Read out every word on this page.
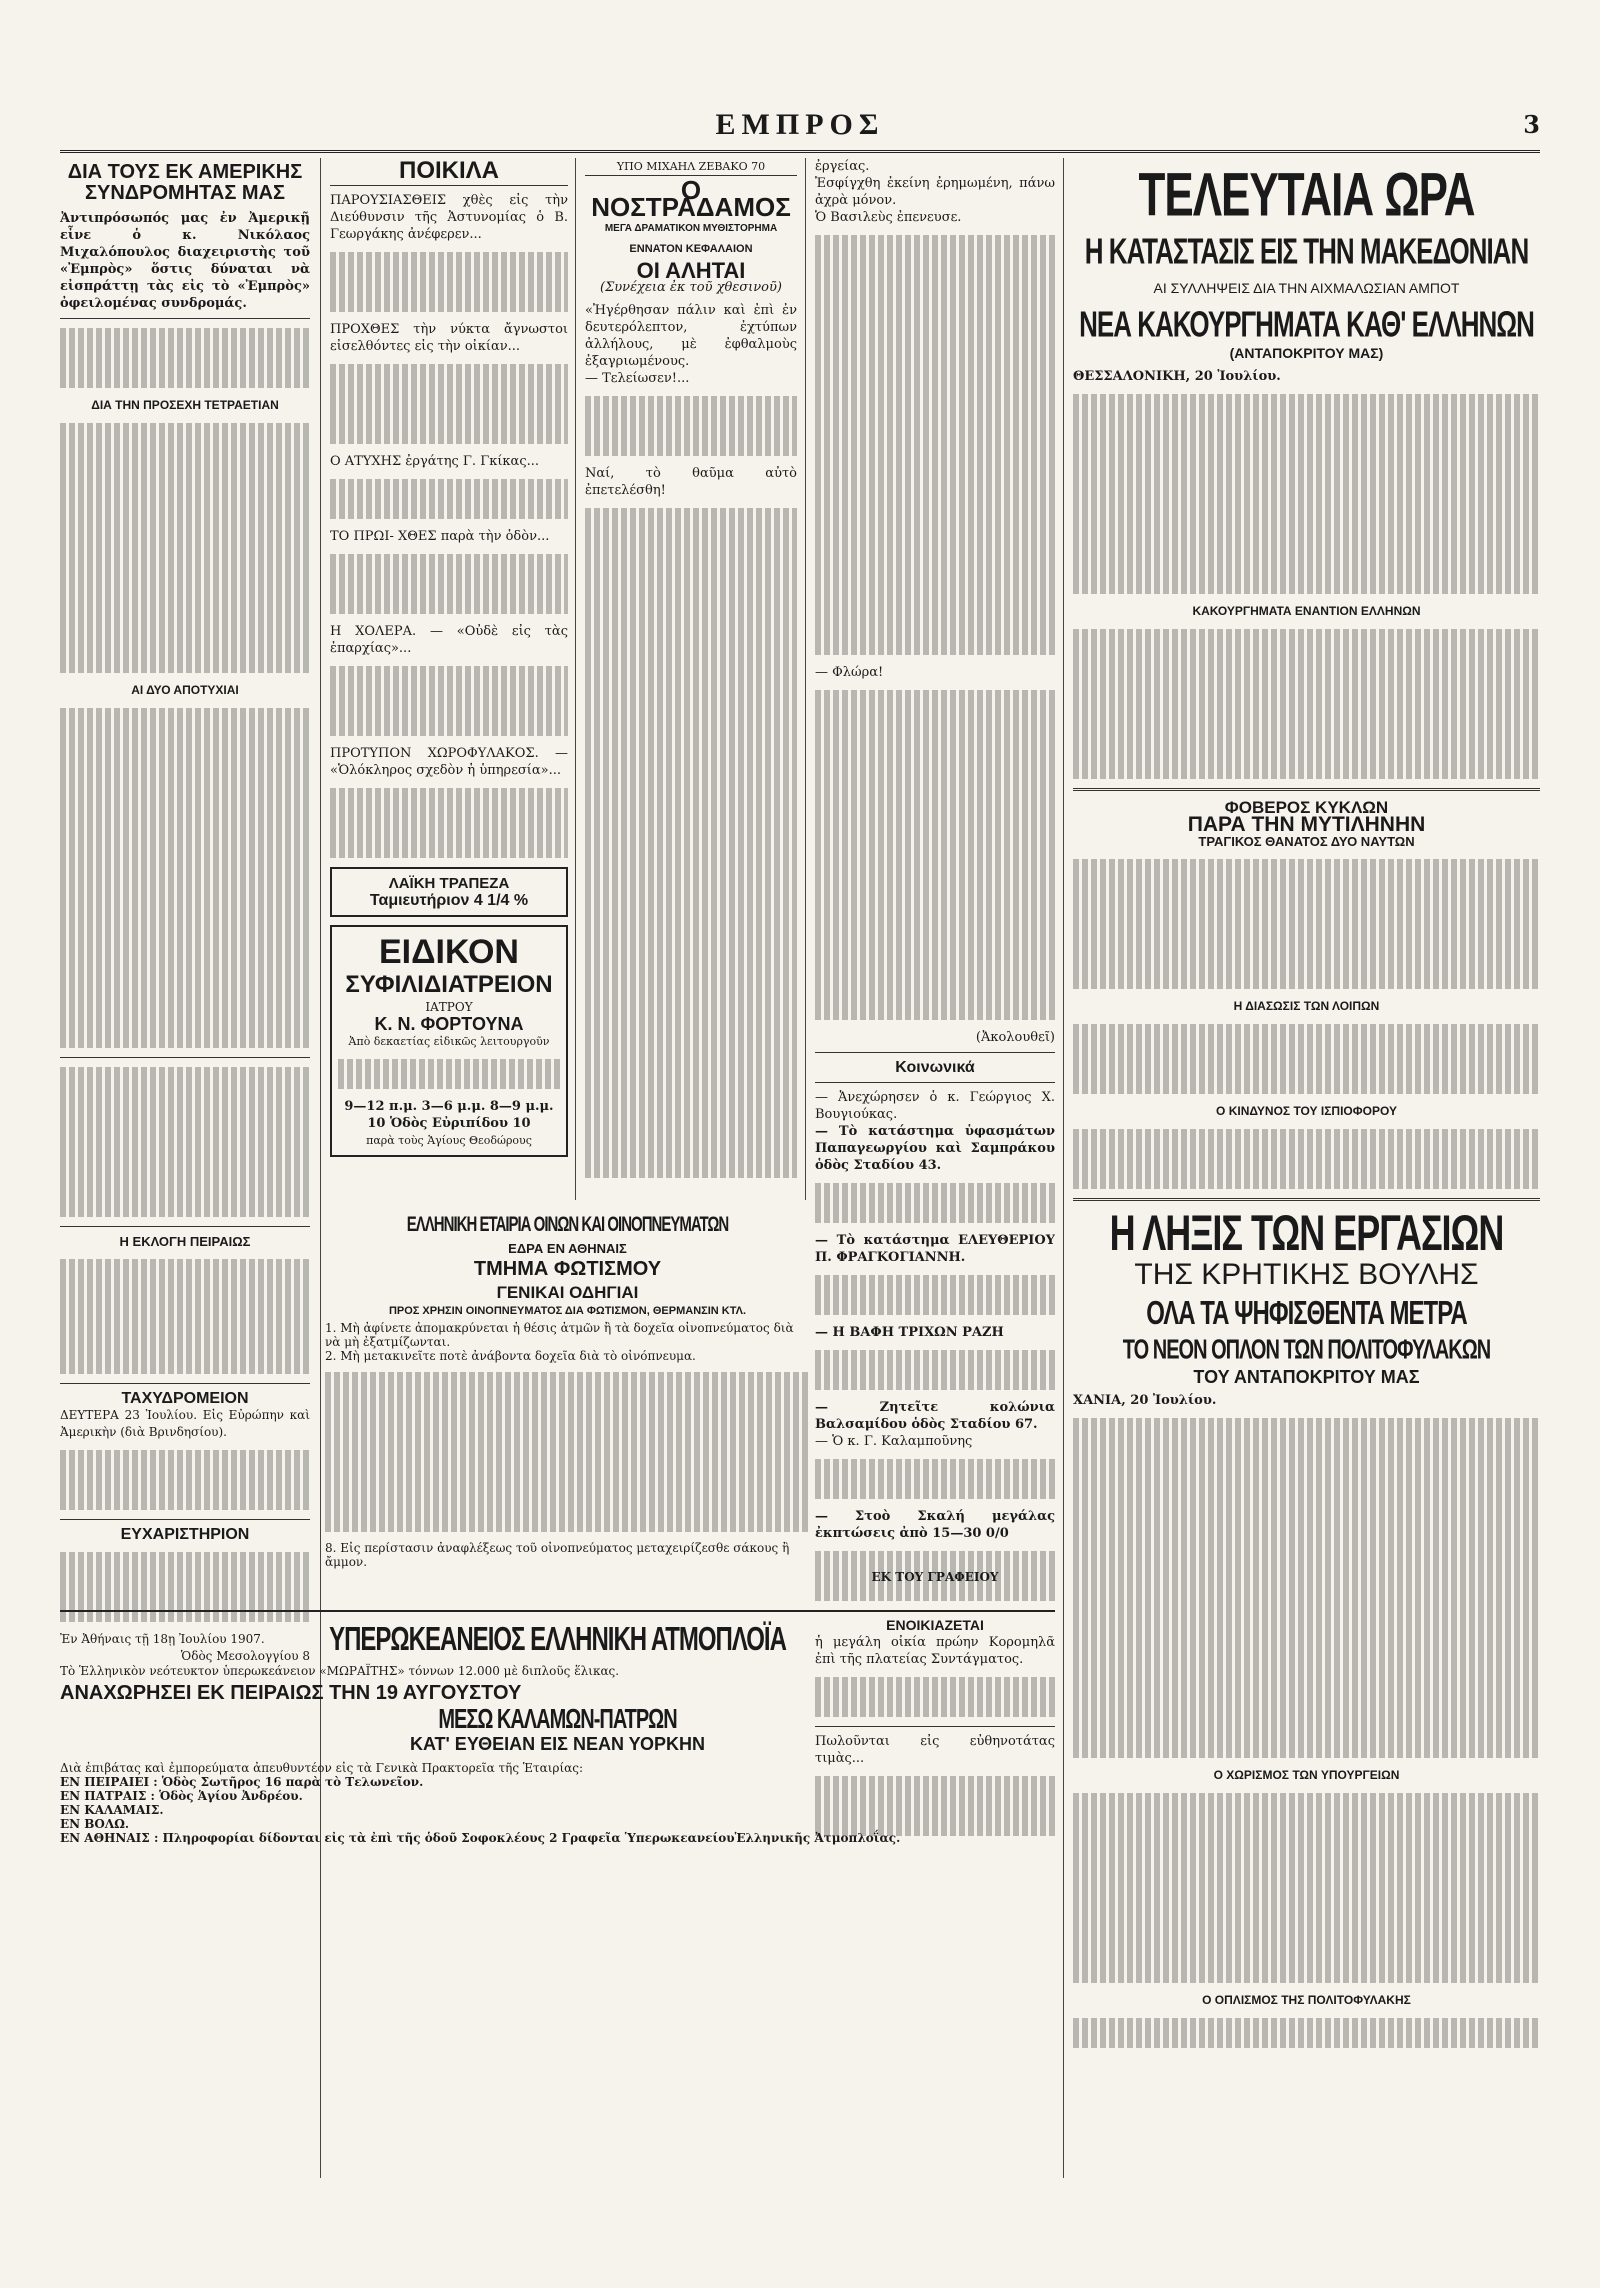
ΕΜΠΡΟΣ	3
ΔΙΑ ΤΟΥΣ ΕΚ ΑΜΕΡΙΚΗΣ
ΣΥΝΔΡΟΜΗΤΑΣ ΜΑΣ
Ἀντιπρόσωπός μας ἐν Ἀμερικῇ εἶνε ὁ κ. Νικόλαος Μιχαλόπουλος διαχειριστὴς τοῦ «Ἐμπρὸς» ὅστις δύναται νὰ εἰσπράττῃ τὰς εἰς τὸ «Ἐμπρὸς» ὀφειλομένας συνδρομάς.
ΔΙΑ ΤΗΝ ΠΡΟΣΕΧΗ ΤΕΤΡΑΕΤΙΑΝ
ΑΙ ΔΥΟ ΑΠΟΤΥΧΙΑΙ
Η ΕΚΛΟΓΗ ΠΕΙΡΑΙΩΣ
ΤΑΧΥΔΡΟΜΕΙΟΝ
ΔΕΥΤΕΡΑ 23 Ἰουλίου. Εἰς Εὐρώπην καὶ Ἀμερικὴν (διὰ Βρινδησίου).
ΕΥΧΑΡΙΣΤΗΡΙΟΝ
Ἐν Ἀθήναις τῇ 18ῃ Ἰουλίου 1907.
Ὁδὸς Μεσολογγίου 8
ΠΟΙΚΙΛΑ
ΠΑΡΟΥΣΙΑΣΘΕΙΣ χθὲς εἰς τὴν Διεύθυνσιν τῆς Ἀστυνομίας ὁ Β. Γεωργάκης ἀνέφερεν...
ΠΡΟΧΘΕΣ τὴν νύκτα ἄγνωστοι εἰσελθόντες εἰς τὴν οἰκίαν...
Ο ΑΤΥΧΗΣ ἐργάτης Γ. Γκίκας...
ΤΟ ΠΡΩΙ- ΧΘΕΣ παρὰ τὴν ὁδὸν...
Η ΧΟΛΕΡΑ. — «Οὐδὲ εἰς τὰς ἐπαρχίας»...
ΠΡΟΤΥΠΟΝ ΧΩΡΟΦΥΛΑΚΟΣ. — «Ὁλόκληρος σχεδὸν ἡ ὑπηρεσία»...
ΛΑΪΚΗ ΤΡΑΠΕΖΑ
Ταμιευτήριον 4 1/4 %
ΕΙΔΙΚΟΝ
ΣΥΦΙΛΙΔΙΑΤΡΕΙΟΝ
ΙΑΤΡΟΥ
Κ. Ν. ΦΟΡΤΟΥΝΑ
Ἀπὸ δεκαετίας εἰδικῶς λειτουργοῦν
9—12 π.μ. 3—6 μ.μ. 8—9 μ.μ.
10 Ὁδὸς Εὐριπίδου 10
παρὰ τοὺς Ἁγίους Θεοδώρους
ΥΠΟ ΜΙΧΑΗΛ ΖΕΒΑΚΟ 70
Ο ΝΟΣΤΡΑΔΑΜΟΣ
ΜΕΓΑ ΔΡΑΜΑΤΙΚΟΝ ΜΥΘΙΣΤΟΡΗΜΑ
ΕΝΝΑΤΟΝ ΚΕΦΑΛΑΙΟΝ
ΟΙ ΑΛΗΤΑΙ
(Συνέχεια ἐκ τοῦ χθεσινοῦ)
«Ἠγέρθησαν πάλιν καὶ ἐπὶ ἐν δευτερόλεπτον, ἐχτύπων ἀλλήλους, μὲ ἐφθαλμοὺς ἐξαγριωμένους.
— Τελείωσεν!...
Ναί, τὸ θαῦμα αὐτὸ ἐπετελέσθη!
ἐργείας.
Ἐσφίγχθη ἐκείνη ἐρημωμένη, πάνω ἀχρὰ μόνον.
Ὁ Βασιλεὺς ἐπενευσε.
— Φλώρα!
(Ἀκολουθεῖ)
Κοινωνικά
— Ἀνεχώρησεν ὁ κ. Γεώργιος Χ. Βουγιούκας.
— Τὸ κατάστημα ὑφασμάτων Παπαγεωργίου καὶ Σαμπράκου ὁδὸς Σταδίου 43.
— Τὸ κατάστημα ΕΛΕΥΘΕΡΙΟΥ Π. ΦΡΑΓΚΟΓΙΑΝΝΗ.
— Η ΒΑΦΗ ΤΡΙΧΩΝ ΡΑΖΗ
— Ζητεῖτε κολώνια Βαλσαμίδου ὁδὸς Σταδίου 67.
— Ὁ κ. Γ. Καλαμποῦνης
— Στοὸ Σκαλή μεγάλας ἐκπτώσεις ἀπὸ 15—30 0/0
ΕΝΟΙΚΙΑΖΕΤΑΙ
ἡ μεγάλη οἰκία πρώην Κορομηλᾶ ἐπὶ τῆς πλατείας Συντάγματος.
Πωλοῦνται εἰς εὐθηνοτάτας τιμὰς...
ΕΛΛΗΝΙΚΗ ΕΤΑΙΡΙΑ ΟΙΝΩΝ ΚΑΙ ΟΙΝΟΠΝΕΥΜΑΤΩΝ
ΕΔΡΑ ΕΝ ΑΘΗΝΑΙΣ
ΤΜΗΜΑ ΦΩΤΙΣΜΟΥ
ΓΕΝΙΚΑΙ ΟΔΗΓΙΑΙ
ΠΡΟΣ ΧΡΗΣΙΝ ΟΙΝΟΠΝΕΥΜΑΤΟΣ ΔΙΑ ΦΩΤΙΣΜΟΝ, ΘΕΡΜΑΝΣΙΝ ΚΤΛ.
1. Μὴ ἀφίνετε ἀπομακρύνεται ἡ θέσις ἀτμῶν ἢ τὰ δοχεῖα οἰνοπνεύματος διὰ νὰ μὴ ἐξατμίζωνται.
2. Μὴ μετακινεῖτε ποτὲ ἀνάβοντα δοχεῖα διὰ τὸ οἰνόπνευμα.
8. Εἰς περίστασιν ἀναφλέξεως τοῦ οἰνοπνεύματος μεταχειρίζεσθε σάκους ἢ ἄμμον.
ΕΚ ΤΟΥ ΓΡΑΦΕΙΟΥ
ΥΠΕΡΩΚΕΑΝΕΙΟΣ ΕΛΛΗΝΙΚΗ ΑΤΜΟΠΛΟΪΑ
Τὸ Ἑλληνικὸν νεότευκτον ὑπερωκεάνειον «ΜΩΡΑΪΤΗΣ» τόννων 12.000 μὲ διπλοῦς ἕλικας.
ΑΝΑΧΩΡΗΣΕΙ ΕΚ ΠΕΙΡΑΙΩΣ ΤΗΝ 19 ΑΥΓΟΥΣΤΟΥ
ΜΕΣΩ ΚΑΛΑΜΩΝ-ΠΑΤΡΩΝ
ΚΑΤ' ΕΥΘΕΙΑΝ ΕΙΣ ΝΕΑΝ ΥΟΡΚΗΝ
Διὰ ἐπιβάτας καὶ ἐμπορεύματα ἀπευθυντέον εἰς τὰ Γενικὰ Πρακτορεῖα τῆς Ἑταιρίας:
ΕΝ ΠΕΙΡΑΙΕΙ : Ὁδὸς Σωτῆρος 16 παρὰ τὸ Τελωνεῖον.
ΕΝ ΠΑΤΡΑΙΣ : Ὁδὸς Ἁγίου Ἀνδρέου.
ΕΝ ΚΑΛΑΜΑΙΣ.
ΕΝ ΒΟΛΩ.
ΕΝ ΑΘΗΝΑΙΣ : Πληροφορίαι δίδονται εἰς τὰ ἐπὶ τῆς ὁδοῦ Σοφοκλέους 2 Γραφεῖα ὙπερωκεανείουἙλληνικῆς Ἀτμοπλοΐας.
ΤΕΛΕΥΤΑΙΑ ΩΡΑ
Η ΚΑΤΑΣΤΑΣΙΣ ΕΙΣ ΤΗΝ ΜΑΚΕΔΟΝΙΑΝ
ΑΙ ΣΥΛΛΗΨΕΙΣ ΔΙΑ ΤΗΝ ΑΙΧΜΑΛΩΣΙΑΝ ΑΜΠΟΤ
ΝΕΑ ΚΑΚΟΥΡΓΗΜΑΤΑ ΚΑΘ' ΕΛΛΗΝΩΝ
(ΑΝΤΑΠΟΚΡΙΤΟΥ ΜΑΣ)
ΘΕΣΣΑΛΟΝΙΚΗ, 20 Ἰουλίου.
ΚΑΚΟΥΡΓΗΜΑΤΑ ΕΝΑΝΤΙΟΝ ΕΛΛΗΝΩΝ
ΦΟΒΕΡΟΣ ΚΥΚΛΩΝ
ΠΑΡΑ ΤΗΝ ΜΥΤΙΛΗΝΗΝ
ΤΡΑΓΙΚΟΣ ΘΑΝΑΤΟΣ ΔΥΟ ΝΑΥΤΩΝ
Η ΔΙΑΣΩΣΙΣ ΤΩΝ ΛΟΙΠΩΝ
Ο ΚΙΝΔΥΝΟΣ ΤΟΥ ΙΣΠΙΟΦΟΡΟΥ
Η ΛΗΞΙΣ ΤΩΝ ΕΡΓΑΣΙΩΝ
ΤΗΣ ΚΡΗΤΙΚΗΣ ΒΟΥΛΗΣ
ΟΛΑ ΤΑ ΨΗΦΙΣΘΕΝΤΑ ΜΕΤΡΑ
ΤΟ ΝΕΟΝ ΟΠΛΟΝ ΤΩΝ ΠΟΛΙΤΟΦΥΛΑΚΩΝ
ΤΟΥ ΑΝΤΑΠΟΚΡΙΤΟΥ ΜΑΣ
ΧΑΝΙΑ, 20 Ἰουλίου.
Ο ΧΩΡΙΣΜΟΣ ΤΩΝ ΥΠΟΥΡΓΕΙΩΝ
Ο ΟΠΛΙΣΜΟΣ ΤΗΣ ΠΟΛΙΤΟΦΥΛΑΚΗΣ
